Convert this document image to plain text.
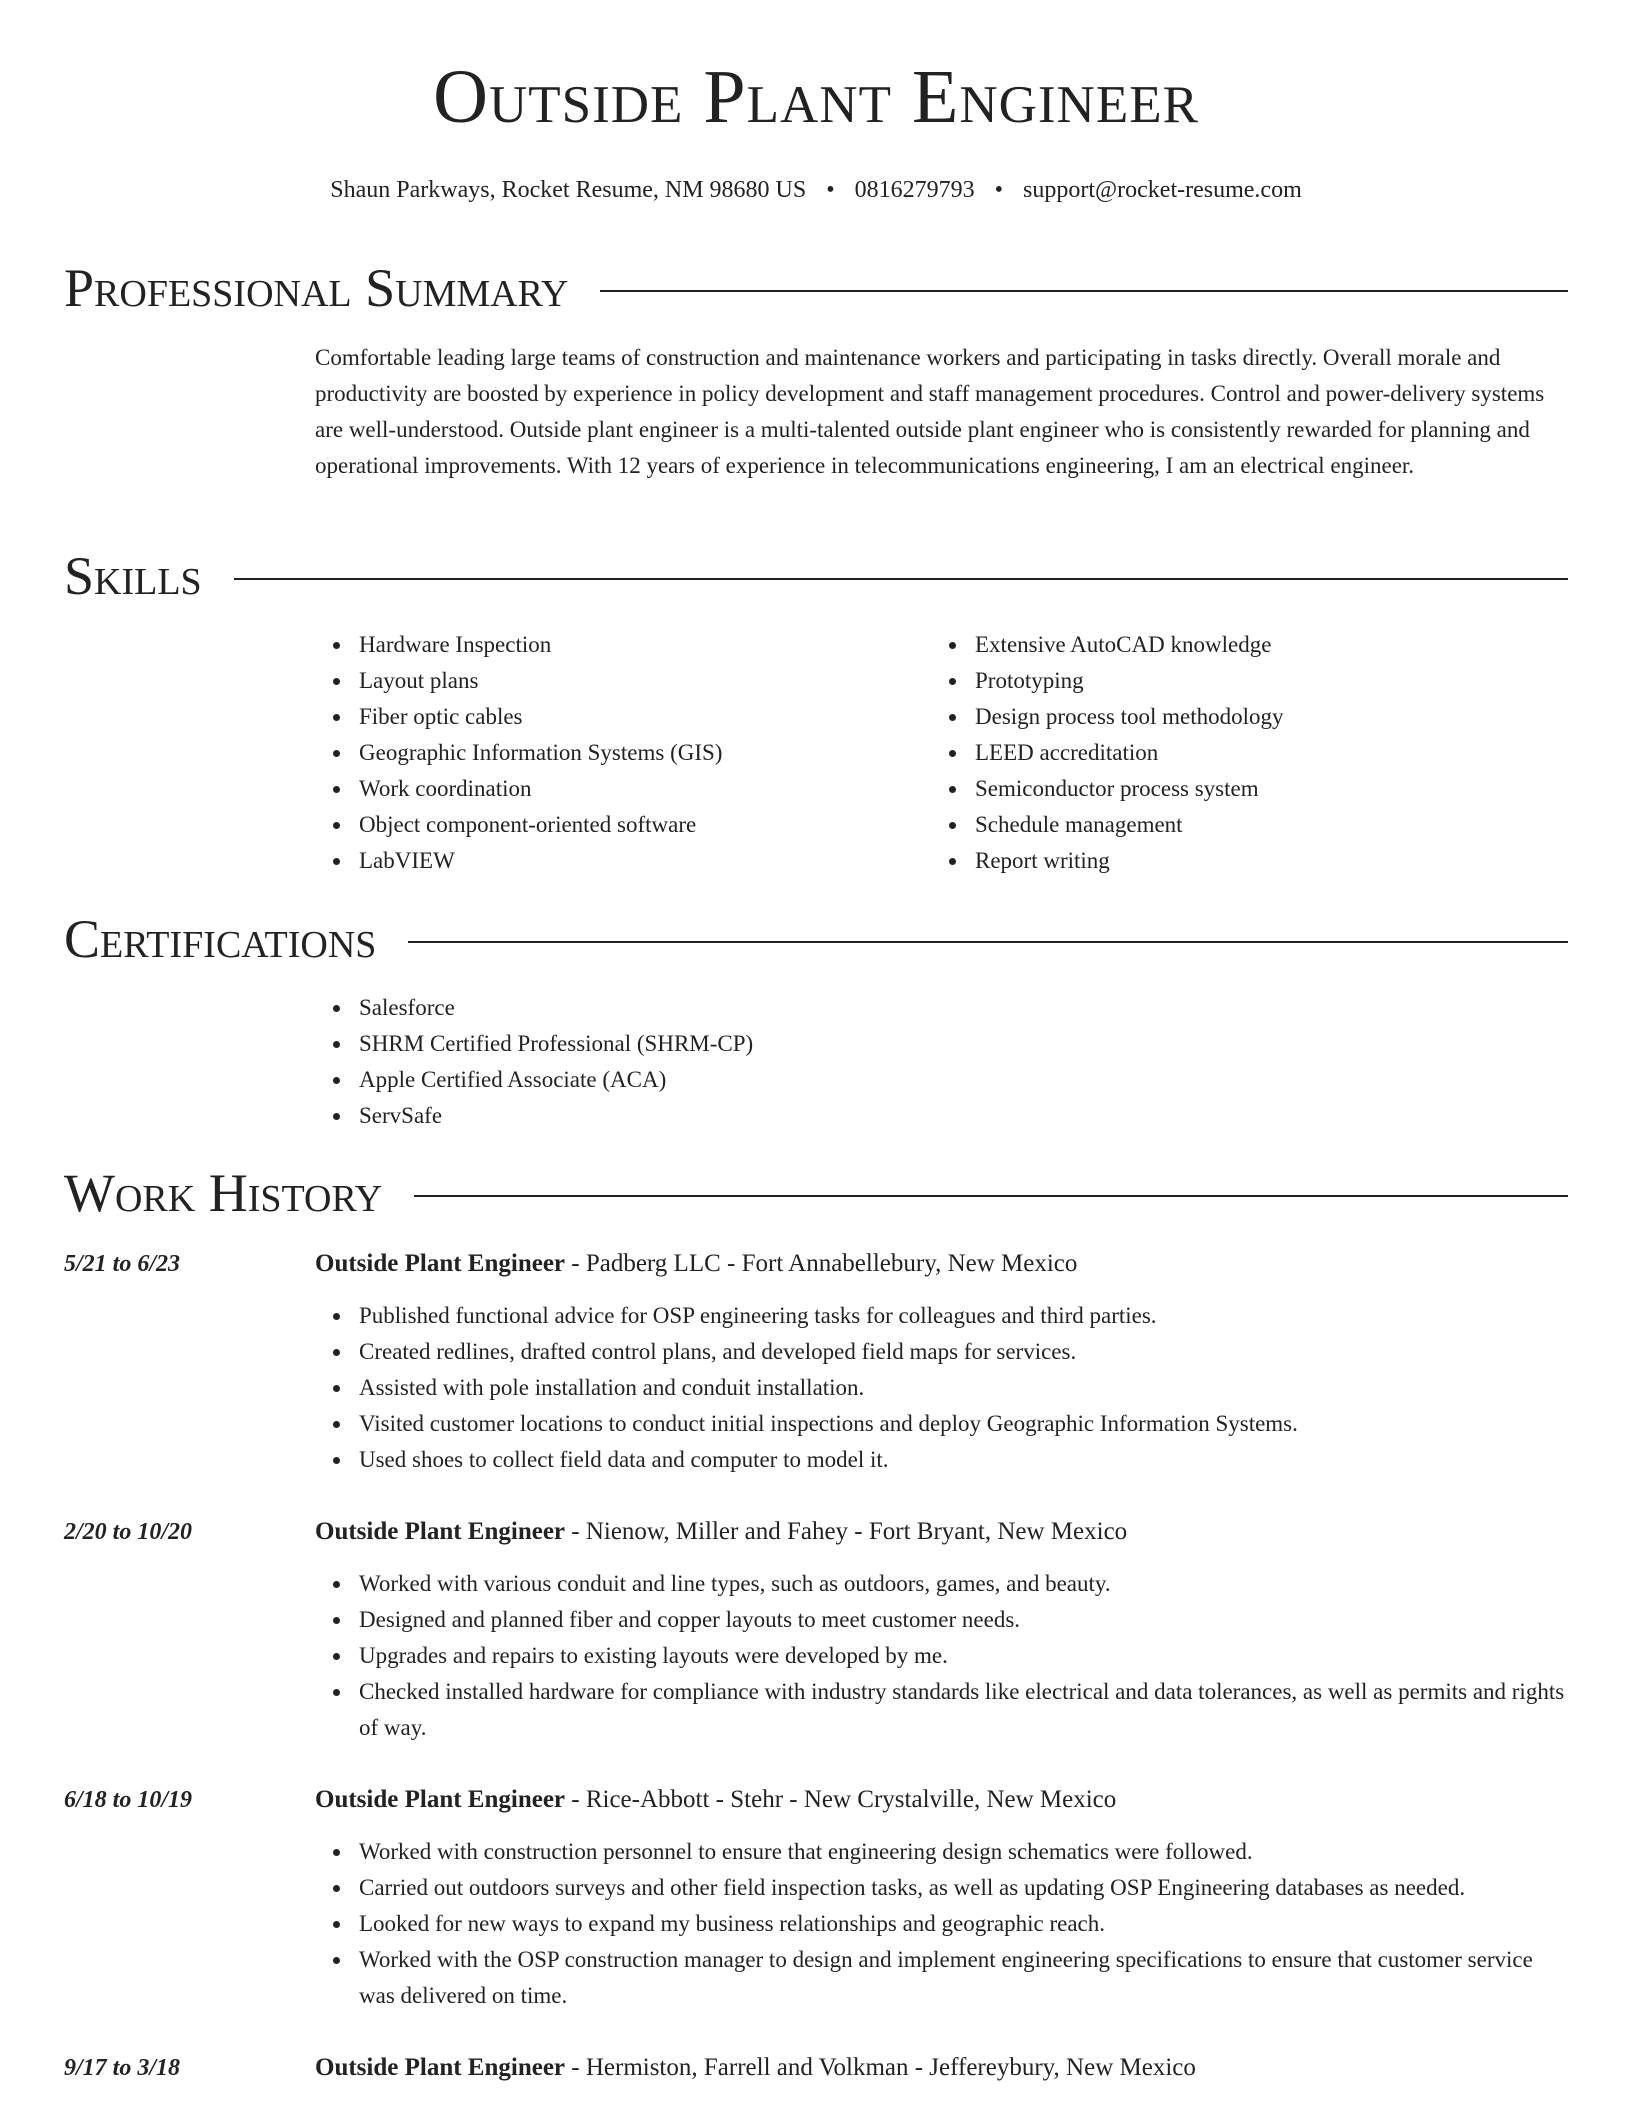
Outside Plant Engineer
Shaun Parkways, Rocket Resume, NM 98680 US • 0816279793 • support@rocket-resume.com
Professional Summary

Comfortable leading large teams of construction and maintenance workers and participating in tasks directly. Overall morale and productivity are boosted by experience in policy development and staff management procedures. Control and power-delivery systems are well-understood. Outside plant engineer is a multi-talented outside plant engineer who is consistently rewarded for planning and operational improvements. With 12 years of experience in telecommunications engineering, I am an electrical engineer.

Skills
Hardware Inspection
Layout plans
Fiber optic cables
Geographic Information Systems (GIS)
Work coordination
Object component-oriented software
LabVIEW
Extensive AutoCAD knowledge
Prototyping
Design process tool methodology
LEED accreditation
Semiconductor process system
Schedule management
Report writing
Certifications
Salesforce
SHRM Certified Professional (SHRM-CP)
Apple Certified Associate (ACA)
ServSafe
Work History
5/21 to 6/23	Outside Plant Engineer - Padberg LLC - Fort Annabellebury, New Mexico
Published functional advice for OSP engineering tasks for colleagues and third parties.
Created redlines, drafted control plans, and developed field maps for services.
Assisted with pole installation and conduit installation.
Visited customer locations to conduct initial inspections and deploy Geographic Information Systems.
Used shoes to collect field data and computer to model it.
2/20 to 10/20	Outside Plant Engineer - Nienow, Miller and Fahey - Fort Bryant, New Mexico
Worked with various conduit and line types, such as outdoors, games, and beauty.
Designed and planned fiber and copper layouts to meet customer needs.
Upgrades and repairs to existing layouts were developed by me.
Checked installed hardware for compliance with industry standards like electrical and data tolerances, as well as permits and rights of way.
6/18 to 10/19	Outside Plant Engineer - Rice-Abbott - Stehr - New Crystalville, New Mexico
Worked with construction personnel to ensure that engineering design schematics were followed.
Carried out outdoors surveys and other field inspection tasks, as well as updating OSP Engineering databases as needed.
Looked for new ways to expand my business relationships and geographic reach.
Worked with the OSP construction manager to design and implement engineering specifications to ensure that customer service was delivered on time.
9/17 to 3/18	Outside Plant Engineer - Hermiston, Farrell and Volkman - Jeffereybury, New Mexico
